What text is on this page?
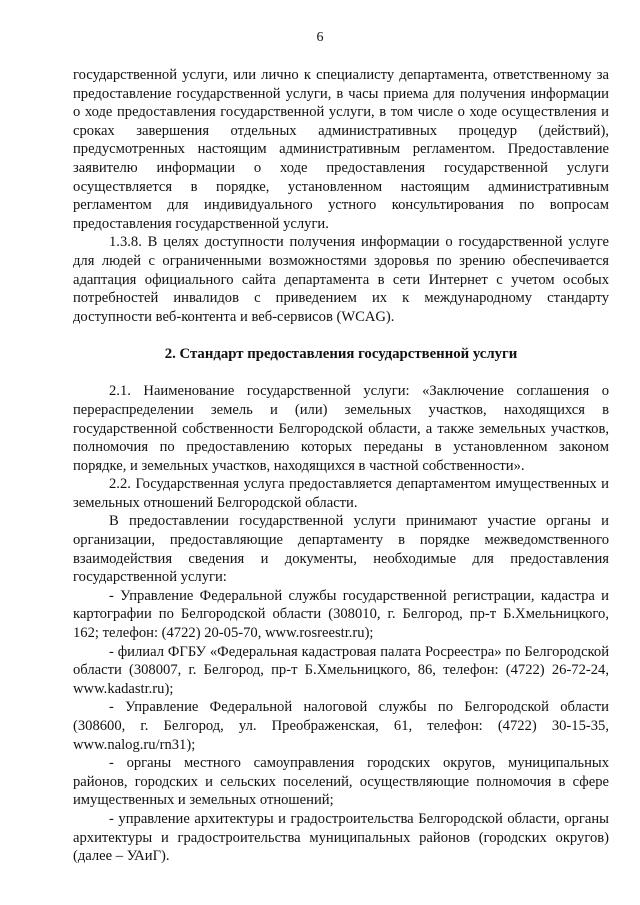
6

государственной услуги, или лично к специалисту департамента, ответственному за предоставление государственной услуги, в часы приема для получения информации о ходе предоставления государственной услуги, в том числе о ходе осуществления и сроках завершения отдельных административных процедур (действий), предусмотренных настоящим административным регламентом. Предоставление заявителю информации о ходе предоставления государственной услуги осуществляется в порядке, установленном настоящим административным регламентом для индивидуального устного консультирования по вопросам предоставления государственной услуги.

1.3.8. В целях доступности получения информации о государственной услуге для людей с ограниченными возможностями здоровья по зрению обеспечивается адаптация официального сайта департамента в сети Интернет с учетом особых потребностей инвалидов с приведением их к международному стандарту доступности веб-контента и веб-сервисов (WCAG).

2. Стандарт предоставления государственной услуги

2.1. Наименование государственной услуги: «Заключение соглашения о перераспределении земель и (или) земельных участков, находящихся в государственной собственности Белгородской области, а также земельных участков, полномочия по предоставлению которых переданы в установленном законом порядке, и земельных участков, находящихся в частной собственности».

2.2. Государственная услуга предоставляется департаментом имущественных и земельных отношений Белгородской области.

В предоставлении государственной услуги принимают участие органы и организации, предоставляющие департаменту в порядке межведомственного взаимодействия сведения и документы, необходимые для предоставления государственной услуги:

- Управление Федеральной службы государственной регистрации, кадастра и картографии по Белгородской области (308010, г. Белгород, пр-т Б.Хмельницкого, 162; телефон: (4722) 20-05-70, www.rosreestr.ru);

- филиал ФГБУ «Федеральная кадастровая палата Росреестра» по Белгородской области (308007, г. Белгород, пр-т Б.Хмельницкого, 86, телефон: (4722) 26-72-24, www.kadastr.ru);

- Управление Федеральной налоговой службы по Белгородской области (308600, г. Белгород, ул. Преображенская, 61, телефон: (4722) 30-15-35, www.nalog.ru/rn31);

- органы местного самоуправления городских округов, муниципальных районов, городских и сельских поселений, осуществляющие полномочия в сфере имущественных и земельных отношений;

- управление архитектуры и градостроительства Белгородской области, органы архитектуры и градостроительства муниципальных районов (городских округов) (далее – УАиГ).
